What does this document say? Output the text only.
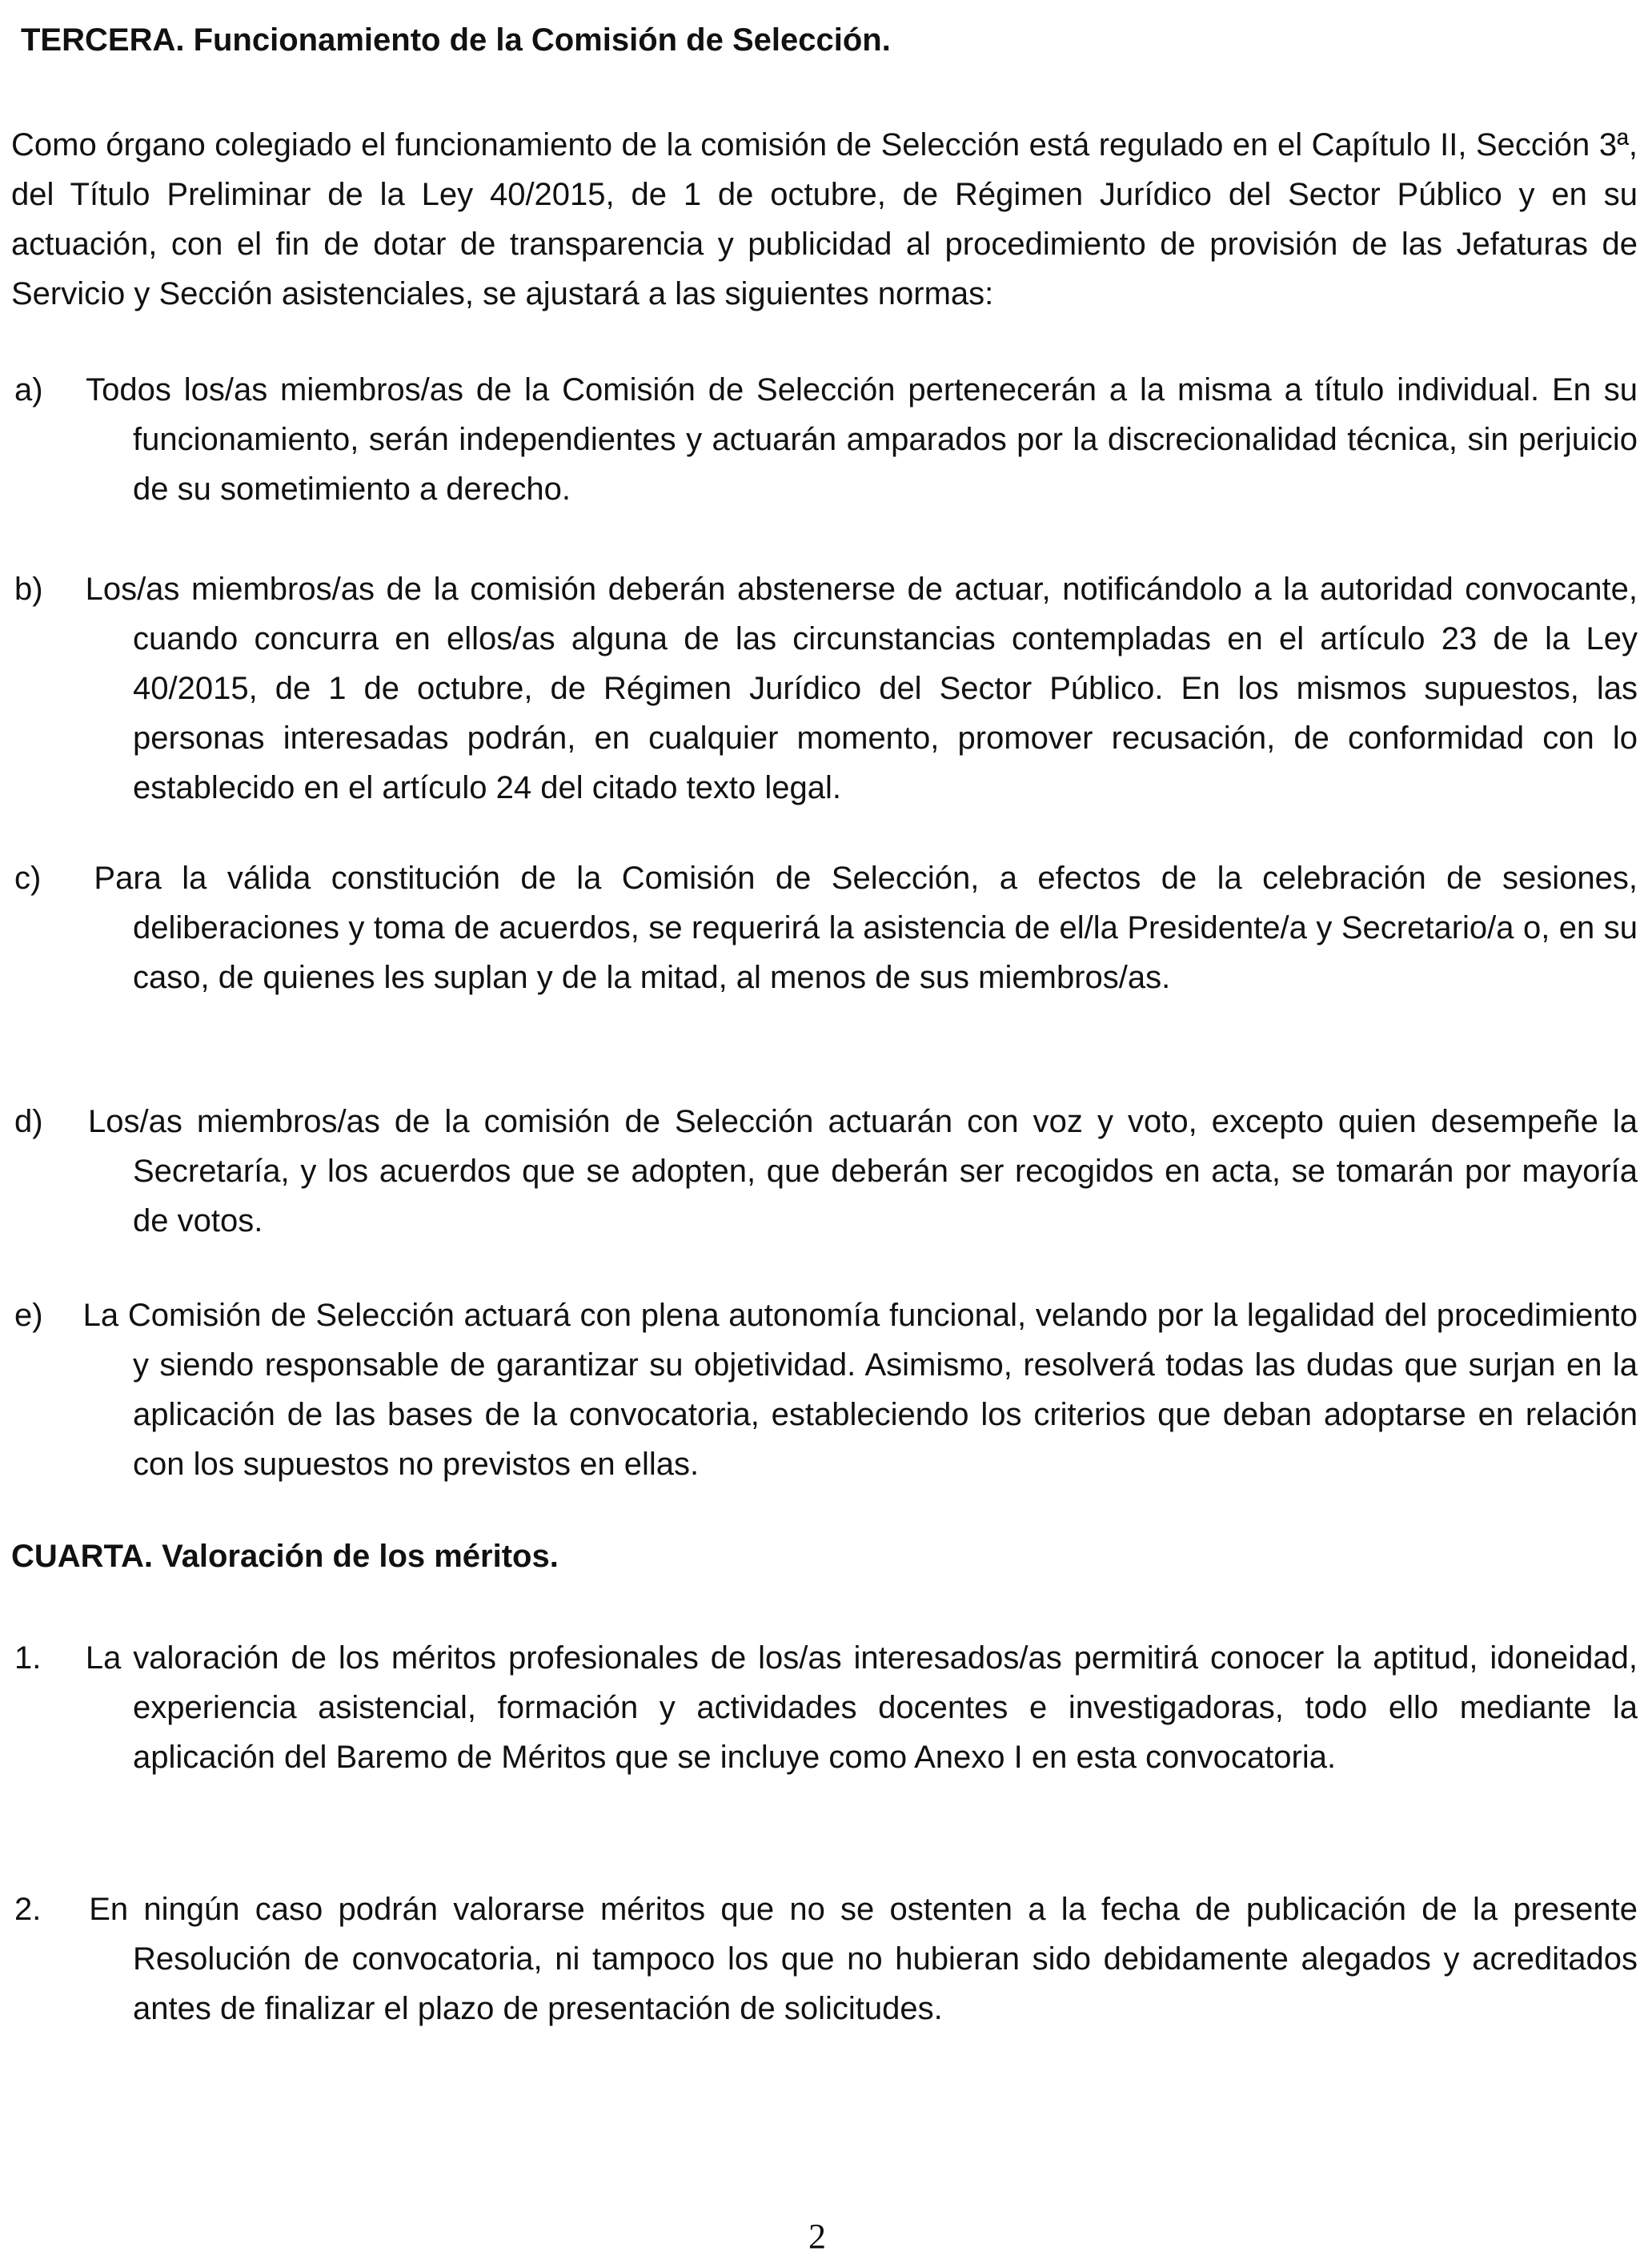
TERCERA. Funcionamiento de la Comisión de Selección.

Como órgano colegiado el funcionamiento de la comisión de Selección está regulado en el Capítulo II, Sección 3ª, del Título Preliminar de la Ley 40/2015, de 1 de octubre, de Régimen Jurídico del Sector Público y en su actuación, con el fin de dotar de transparencia y publicidad al procedimiento de provisión de las Jefaturas de Servicio y Sección asistenciales, se ajustará a las siguientes normas:

a) Todos los/as miembros/as de la Comisión de Selección pertenecerán a la misma a título individual. En su funcionamiento, serán independientes y actuarán amparados por la discrecionalidad técnica, sin perjuicio de su sometimiento a derecho.

b) Los/as miembros/as de la comisión deberán abstenerse de actuar, notificándolo a la autoridad convocante, cuando concurra en ellos/as alguna de las circunstancias contempladas en el artículo 23 de la Ley 40/2015, de 1 de octubre, de Régimen Jurídico del Sector Público. En los mismos supuestos, las personas interesadas podrán, en cualquier momento, promover recusación, de conformidad con lo establecido en el artículo 24 del citado texto legal.

c) Para la válida constitución de la Comisión de Selección, a efectos de la celebración de sesiones, deliberaciones y toma de acuerdos, se requerirá la asistencia de el/la Presidente/a y Secretario/a o, en su caso, de quienes les suplan y de la mitad, al menos de sus miembros/as.

d) Los/as miembros/as de la comisión de Selección actuarán con voz y voto, excepto quien desempeñe la Secretaría, y los acuerdos que se adopten, que deberán ser recogidos en acta, se tomarán por mayoría de votos.

e) La Comisión de Selección actuará con plena autonomía funcional, velando por la legalidad del procedimiento y siendo responsable de garantizar su objetividad. Asimismo, resolverá todas las dudas que surjan en la aplicación de las bases de la convocatoria, estableciendo los criterios que deban adoptarse en relación con los supuestos no previstos en ellas.

CUARTA. Valoración de los méritos.

1. La valoración de los méritos profesionales de los/as interesados/as permitirá conocer la aptitud, idoneidad, experiencia asistencial, formación y actividades docentes e investigadoras, todo ello mediante la aplicación del Baremo de Méritos que se incluye como Anexo I en esta convocatoria.

2. En ningún caso podrán valorarse méritos que no se ostenten a la fecha de publicación de la presente Resolución de convocatoria, ni tampoco los que no hubieran sido debidamente alegados y acreditados antes de finalizar el plazo de presentación de solicitudes.

2
